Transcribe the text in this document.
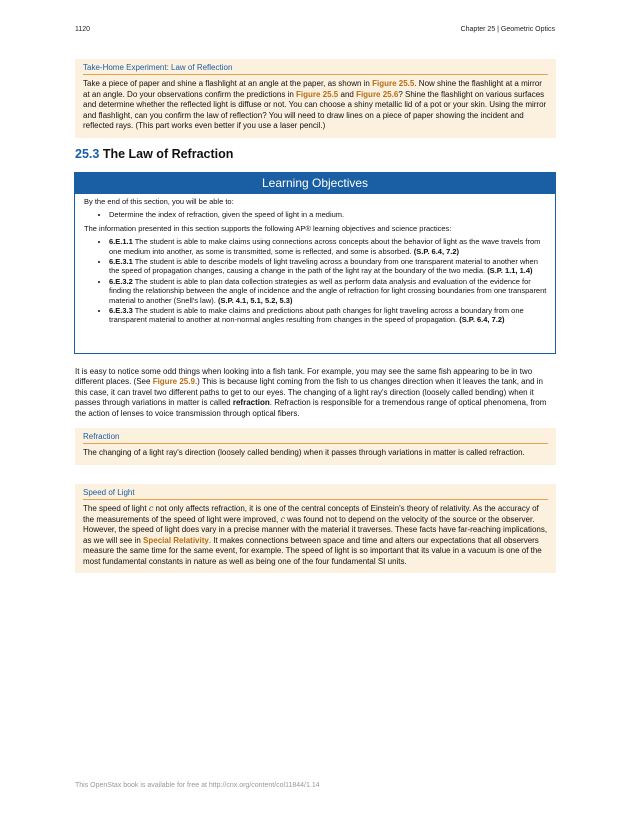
1120	Chapter 25 | Geometric Optics
Take-Home Experiment: Law of Reflection
Take a piece of paper and shine a flashlight at an angle at the paper, as shown in Figure 25.5. Now shine the flashlight at a mirror at an angle. Do your observations confirm the predictions in Figure 25.5 and Figure 25.6? Shine the flashlight on various surfaces and determine whether the reflected light is diffuse or not. You can choose a shiny metallic lid of a pot or your skin. Using the mirror and flashlight, can you confirm the law of reflection? You will need to draw lines on a piece of paper showing the incident and reflected rays. (This part works even better if you use a laser pencil.)
25.3 The Law of Refraction
Learning Objectives

By the end of this section, you will be able to:

• Determine the index of refraction, given the speed of light in a medium.

The information presented in this section supports the following AP® learning objectives and science practices:

• 6.E.1.1 The student is able to make claims using connections across concepts about the behavior of light as the wave travels from one medium into another, as some is transmitted, some is reflected, and some is absorbed. (S.P. 6.4, 7.2)
• 6.E.3.1 The student is able to describe models of light traveling across a boundary from one transparent material to another when the speed of propagation changes, causing a change in the path of the light ray at the boundary of the two media. (S.P. 1.1, 1.4)
• 6.E.3.2 The student is able to plan data collection strategies as well as perform data analysis and evaluation of the evidence for finding the relationship between the angle of incidence and the angle of refraction for light crossing boundaries from one transparent material to another (Snell's law). (S.P. 4.1, 5.1, 5.2, 5.3)
• 6.E.3.3 The student is able to make claims and predictions about path changes for light traveling across a boundary from one transparent material to another at non-normal angles resulting from changes in the speed of propagation. (S.P. 6.4, 7.2)

It is easy to notice some odd things when looking into a fish tank. For example, you may see the same fish appearing to be in two different places. (See Figure 25.9.) This is because light coming from the fish to us changes direction when it leaves the tank, and in this case, it can travel two different paths to get to our eyes. The changing of a light ray's direction (loosely called bending) when it passes through variations in matter is called refraction. Refraction is responsible for a tremendous range of optical phenomena, from the action of lenses to voice transmission through optical fibers.

Refraction
The changing of a light ray's direction (loosely called bending) when it passes through variations in matter is called refraction.
Speed of Light
The speed of light c not only affects refraction, it is one of the central concepts of Einstein's theory of relativity. As the accuracy of the measurements of the speed of light were improved, c was found not to depend on the velocity of the source or the observer. However, the speed of light does vary in a precise manner with the material it traverses. These facts have far-reaching implications, as we will see in Special Relativity. It makes connections between space and time and alters our expectations that all observers measure the same time for the same event, for example. The speed of light is so important that its value in a vacuum is one of the most fundamental constants in nature as well as being one of the four fundamental SI units.
This OpenStax book is available for free at http://cnx.org/content/col11844/1.14
